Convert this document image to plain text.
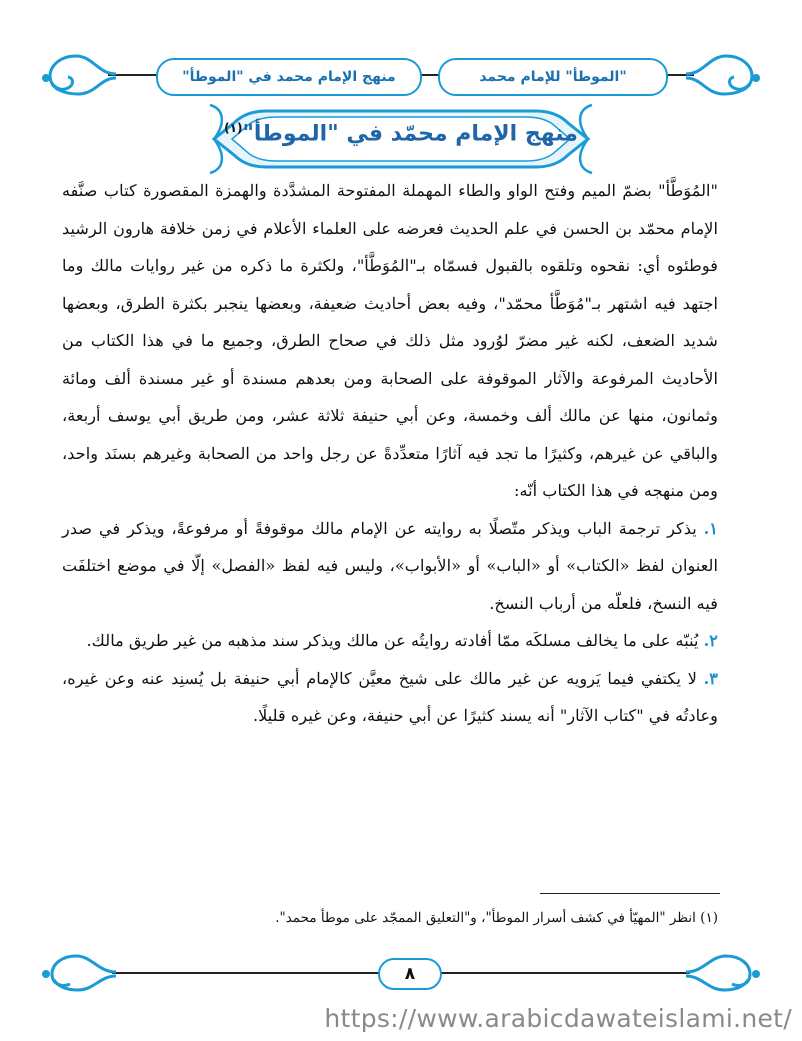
منهج الإمام محمد في "الموطأ"	"الموطأ" للإمام محمد
منهج الإمام محمّد في "الموطأ"$^{(١)}$

"المُوَطَّأ" بضمّ الميم وفتح الواو والطاء المهملة المفتوحة المشدَّدة والهمزة المقصورة كتاب صنَّفه الإمام محمّد بن الحسن في علم الحديث فعرضه على العلماء الأعلام في زمن خلافة هارون الرشيد فوطئوه أي: نقحوه وتلقوه بالقبول فسمّاه بـ"المُوَطَّأ"، ولكثرة ما ذكره من غير روايات مالك وما اجتهد فيه اشتهر بـ"مُوَطَّأ محمّد"، وفيه بعض أحاديث ضعيفة، وبعضها ينجبر بكثرة الطرق، وبعضها شديد الضعف، لكنه غير مضرّ لوُرود مثل ذلك في صحاح الطرق، وجميع ما في هذا الكتاب من الأحاديث المرفوعة والآثار الموقوفة على الصحابة ومن بعدهم مسندة أو غير مسندة ألف ومائة وثمانون، منها عن مالك ألف وخمسة، وعن أبي حنيفة ثلاثة عشر، ومن طريق أبي يوسف أربعة، والباقي عن غيرهم، وكثيرًا ما تجد فيه آثارًا متعدِّدةً عن رجل واحد من الصحابة وغيرهم بسنَد واحد، ومن منهجه في هذا الكتاب أنّه:

١. يذكر ترجمة الباب ويذكر متّصلًا به روايته عن الإمام مالك موقوفةً أو مرفوعةً، ويذكر في صدر العنوان لفظ «الكتاب» أو «الباب» أو «الأبواب»، وليس فيه لفظ «الفصل» إلّا في موضع اختلفَت فيه النسخ، فلعلّه من أرباب النسخ.

٢. يُنبّه على ما يخالف مسلكَه ممّا أفادته روايتُه عن مالك ويذكر سند مذهبه من غير طريق مالك.

٣. لا يكتفي فيما يَرويه عن غير مالك على شيخ معيَّن كالإمام أبي حنيفة بل يُسنِد عنه وعن غيره، وعادتُه في "كتاب الآثار" أنه يسند كثيرًا عن أبي حنيفة، وعن غيره قليلًا.

(١) انظر "المهيّأ في كشف أسرار الموطأ"، و"التعليق الممجّد على موطأ محمد".
٨
https://www.arabicdawateislami.net/
